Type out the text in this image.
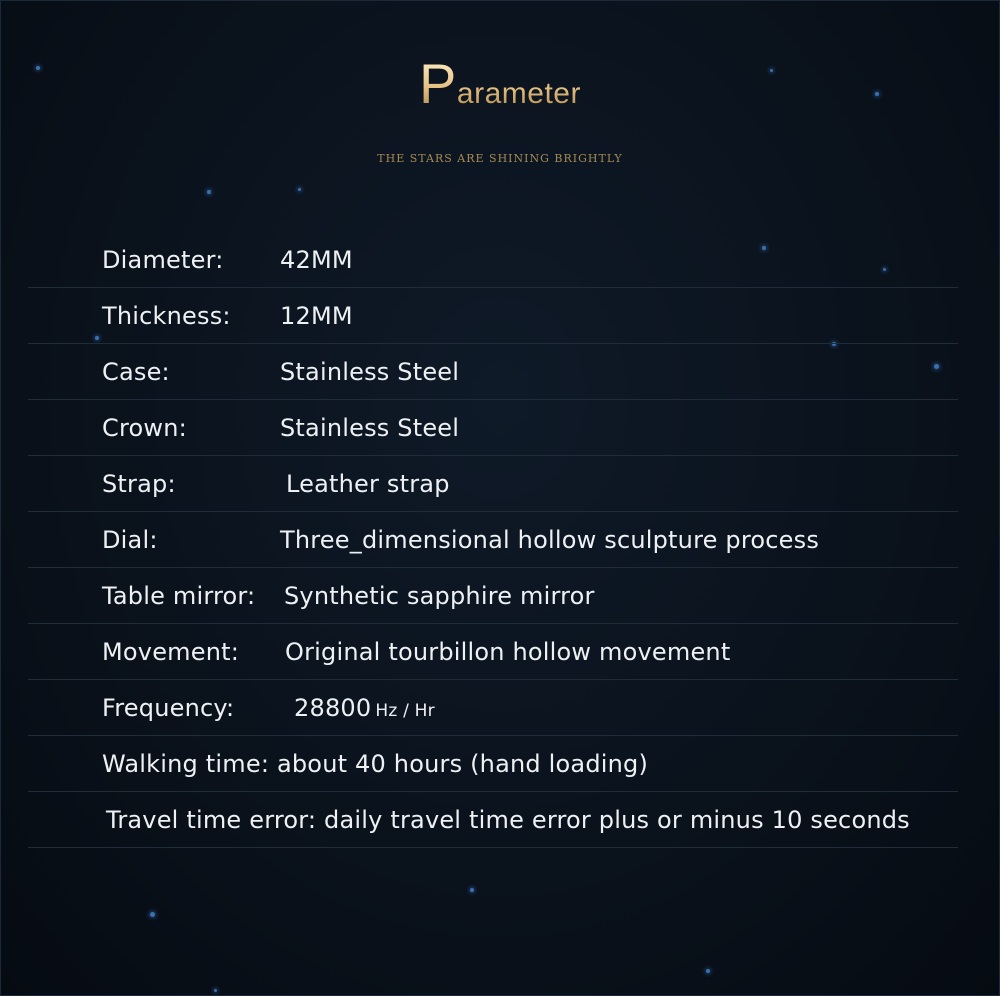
Parameter
THE STARS ARE SHINING BRIGHTLY
Diameter: 42MM
Thickness: 12MM
Case:	Stainless Steel
Crown:	Stainless Steel
Strap:	Leather strap
Dial:	Three_dimensional hollow sculpture process
Table mirror: Synthetic sapphire mirror
Movement: Original tourbillon hollow movement
Frequency: 28800 Hz / Hr
Walking time: about 40 hours (hand loading)
Travel time error: daily travel time error plus or minus 10 seconds
